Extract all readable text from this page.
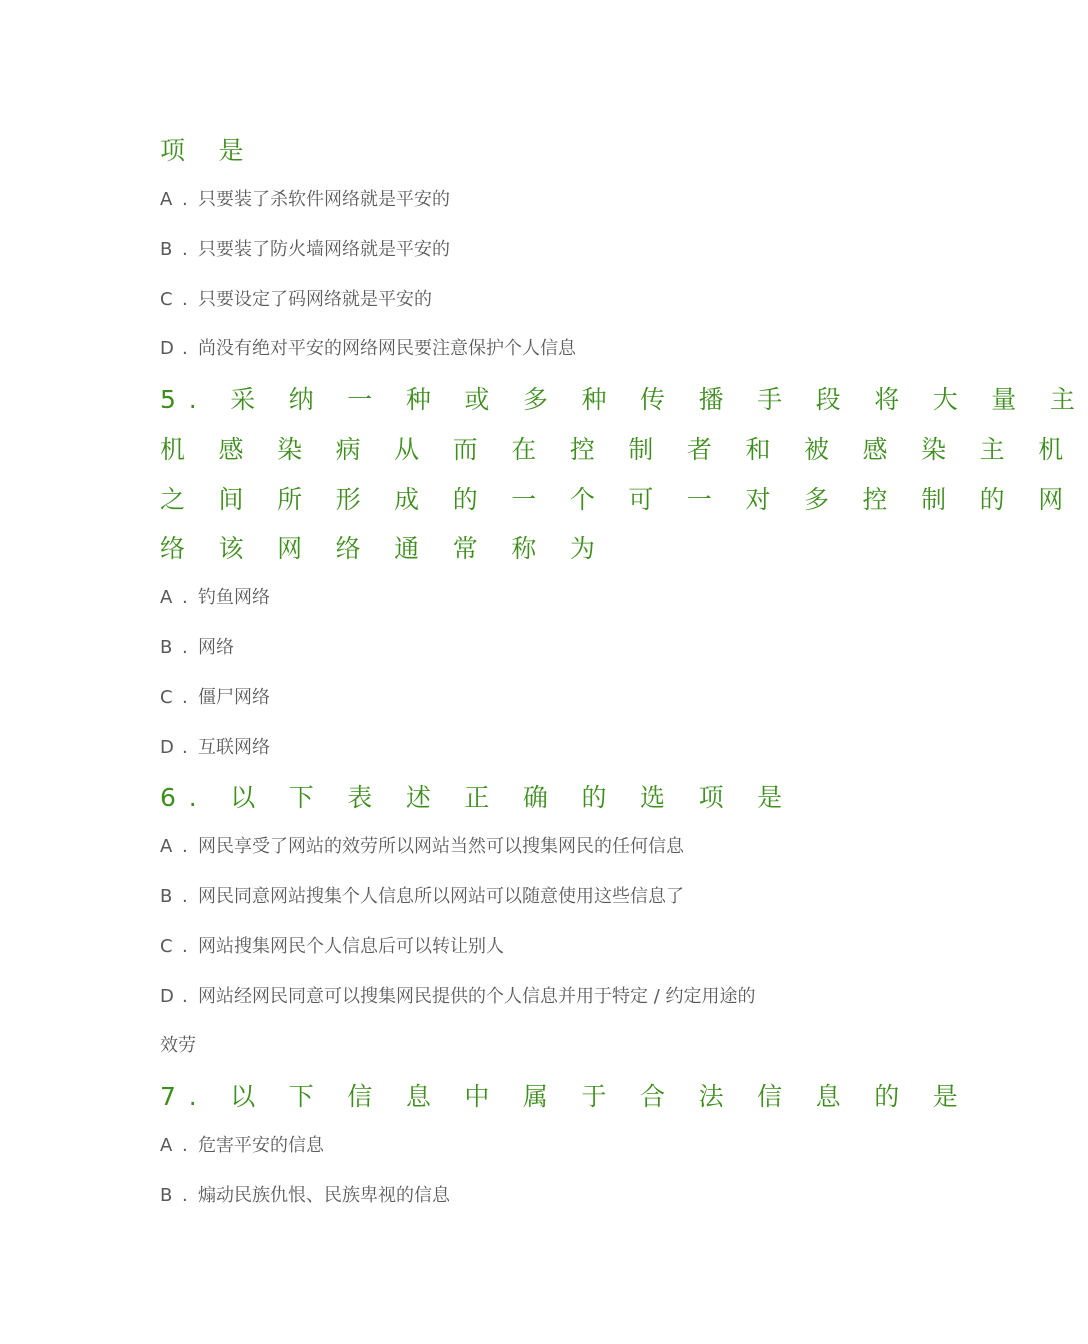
项 是
A . 只要装了杀软件网络就是平安的
B . 只要装了防火墙网络就是平安的
C . 只要设定了码网络就是平安的
D . 尚没有绝对平安的网络网民要注意保护个人信息
5. 采 纳 一 种 或 多 种 传 播 手 段 将 大 量 主
机 感 染 病 从 而 在 控 制 者 和 被 感 染 主 机
之 间 所 形 成 的 一 个 可 一 对 多 控 制 的 网
络 该 网 络 通 常 称 为
A . 钓鱼网络
B . 网络
C . 僵尸网络
D . 互联网络
6. 以 下 表 述 正 确 的 选 项 是
A . 网民享受了网站的效劳所以网站当然可以搜集网民的任何信息
B . 网民同意网站搜集个人信息所以网站可以随意使用这些信息了
C . 网站搜集网民个人信息后可以转让别人
D . 网站经网民同意可以搜集网民提供的个人信息并用于特定 / 约定用途的
效劳
7. 以 下 信 息 中 属 于 合 法 信 息 的 是
A . 危害平安的信息
B . 煽动民族仇恨、民族卑视的信息
